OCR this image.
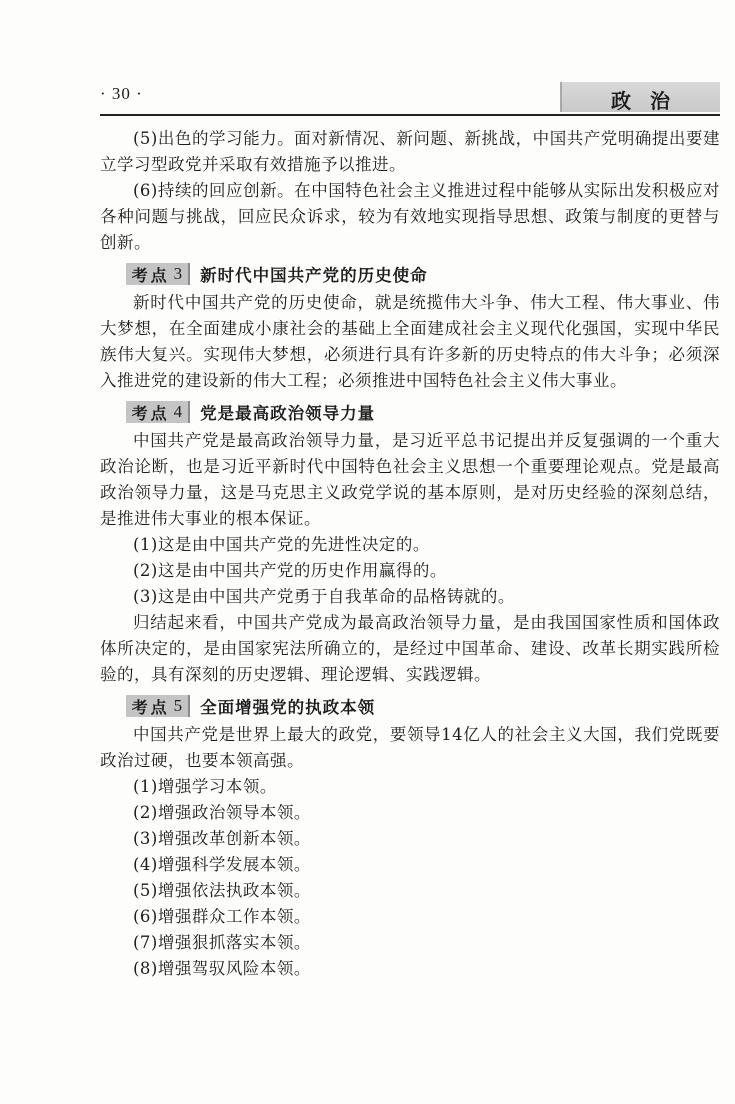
· 30 ·	政 治

(5)出色的学习能力。面对新情况、新问题、新挑战，中国共产党明确提出要建立学习型政党并采取有效措施予以推进。

(6)持续的回应创新。在中国特色社会主义推进过程中能够从实际出发积极应对各种问题与挑战，回应民众诉求，较为有效地实现指导思想、政策与制度的更替与创新。

考点 3 新时代中国共产党的历史使命

新时代中国共产党的历史使命，就是统揽伟大斗争、伟大工程、伟大事业、伟大梦想，在全面建成小康社会的基础上全面建成社会主义现代化强国，实现中华民族伟大复兴。实现伟大梦想，必须进行具有许多新的历史特点的伟大斗争；必须深入推进党的建设新的伟大工程；必须推进中国特色社会主义伟大事业。

考点 4 党是最高政治领导力量

中国共产党是最高政治领导力量，是习近平总书记提出并反复强调的一个重大政治论断，也是习近平新时代中国特色社会主义思想一个重要理论观点。党是最高政治领导力量，这是马克思主义政党学说的基本原则，是对历史经验的深刻总结，是推进伟大事业的根本保证。

(1)这是由中国共产党的先进性决定的。

(2)这是由中国共产党的历史作用赢得的。

(3)这是由中国共产党勇于自我革命的品格铸就的。

归结起来看，中国共产党成为最高政治领导力量，是由我国国家性质和国体政体所决定的，是由国家宪法所确立的，是经过中国革命、建设、改革长期实践所检验的，具有深刻的历史逻辑、理论逻辑、实践逻辑。

考点 5 全面增强党的执政本领

中国共产党是世界上最大的政党，要领导14亿人的社会主义大国，我们党既要政治过硬，也要本领高强。

(1)增强学习本领。

(2)增强政治领导本领。

(3)增强改革创新本领。

(4)增强科学发展本领。

(5)增强依法执政本领。

(6)增强群众工作本领。

(7)增强狠抓落实本领。

(8)增强驾驭风险本领。
